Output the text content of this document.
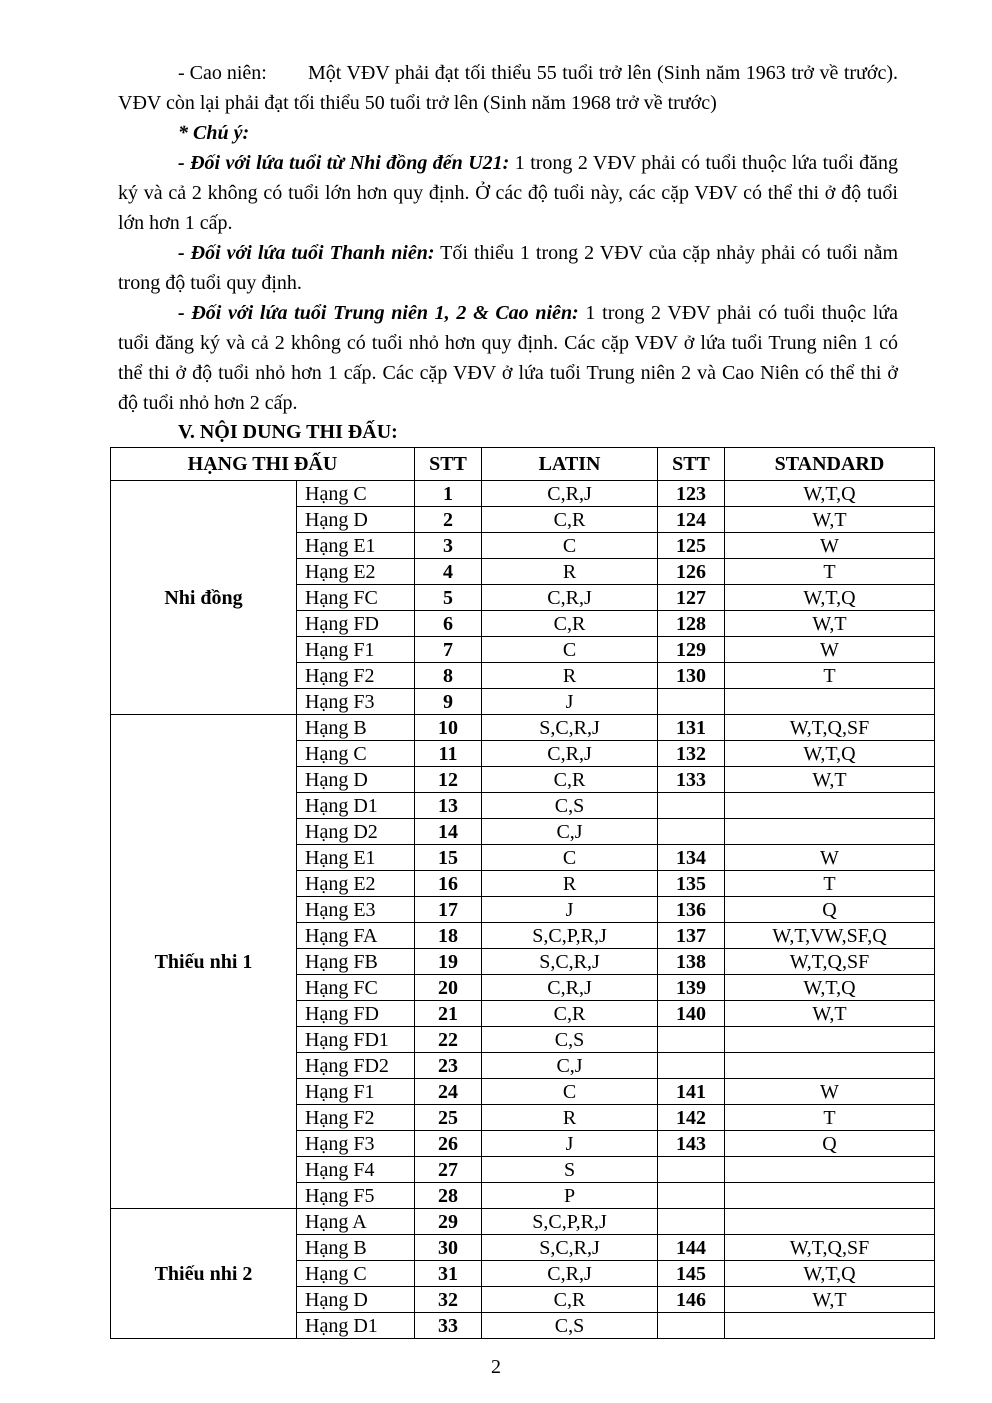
- Cao niên: Một VĐV phải đạt tối thiểu 55 tuổi trở lên (Sinh năm 1963 trở về trước). VĐV còn lại phải đạt tối thiểu 50 tuổi trở lên (Sinh năm 1968 trở về trước)
* Chú ý:
- Đối với lứa tuổi từ Nhi đồng đến U21: 1 trong 2 VĐV phải có tuổi thuộc lứa tuổi đăng ký và cả 2 không có tuổi lớn hơn quy định. Ở các độ tuổi này, các cặp VĐV có thể thi ở độ tuổi lớn hơn 1 cấp.
- Đối với lứa tuổi Thanh niên: Tối thiểu 1 trong 2 VĐV của cặp nhảy phải có tuổi nằm trong độ tuổi quy định.
- Đối với lứa tuổi Trung niên 1, 2 & Cao niên: 1 trong 2 VĐV phải có tuổi thuộc lứa tuổi đăng ký và cả 2 không có tuổi nhỏ hơn quy định. Các cặp VĐV ở lứa tuổi Trung niên 1 có thể thi ở độ tuổi nhỏ hơn 1 cấp. Các cặp VĐV ở lứa tuổi Trung niên 2 và Cao Niên có thể thi ở độ tuổi nhỏ hơn 2 cấp.
V. NỘI DUNG THI ĐẤU:
HẠNG THI ĐẤU		STT	LATIN	STT	STANDARD
Nhi đồng	Hạng C	1	C,R,J	123	W,T,Q
	Hạng D	2	C,R	124	W,T
	Hạng E1	3	C	125	W
	Hạng E2	4	R	126	T
	Hạng FC	5	C,R,J	127	W,T,Q
	Hạng FD	6	C,R	128	W,T
	Hạng F1	7	C	129	W
	Hạng F2	8	R	130	T
	Hạng F3	9	J		
Thiếu nhi 1	Hạng B	10	S,C,R,J	131	W,T,Q,SF
	Hạng C	11	C,R,J	132	W,T,Q
	Hạng D	12	C,R	133	W,T
	Hạng D1	13	C,S		
	Hạng D2	14	C,J		
	Hạng E1	15	C	134	W
	Hạng E2	16	R	135	T
	Hạng E3	17	J	136	Q
	Hạng FA	18	S,C,P,R,J	137	W,T,VW,SF,Q
	Hạng FB	19	S,C,R,J	138	W,T,Q,SF
	Hạng FC	20	C,R,J	139	W,T,Q
	Hạng FD	21	C,R	140	W,T
	Hạng FD1	22	C,S		
	Hạng FD2	23	C,J		
	Hạng F1	24	C	141	W
	Hạng F2	25	R	142	T
	Hạng F3	26	J	143	Q
	Hạng F4	27	S		
	Hạng F5	28	P		
Thiếu nhi 2	Hạng A	29	S,C,P,R,J		
	Hạng B	30	S,C,R,J	144	W,T,Q,SF
	Hạng C	31	C,R,J	145	W,T,Q
	Hạng D	32	C,R	146	W,T
	Hạng D1	33	C,S		
2
